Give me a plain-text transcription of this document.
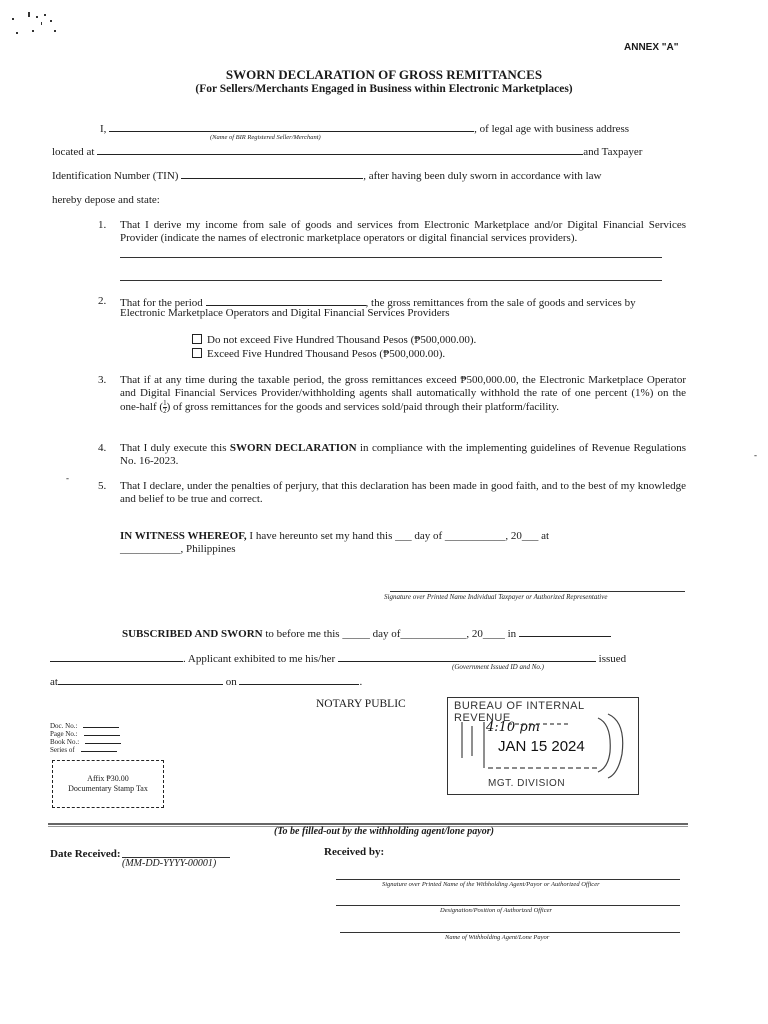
ANNEX "A"
SWORN DECLARATION OF GROSS REMITTANCES
(For Sellers/Merchants Engaged in Business within Electronic Marketplaces)
I,	, of legal age with business address
(Name of BIR Registered Seller/Merchant)
located at	and Taxpayer
Identification Number (TIN)	, after having been duly sworn in accordance with law
hereby depose and state:
1. That I derive my income from sale of goods and services from Electronic Marketplace and/or Digital Financial Services Provider (indicate the names of electronic marketplace operators or digital financial services providers).
2. That for the period	, the gross remittances from the sale of goods and services by
Electronic Marketplace Operators and Digital Financial Services Providers
Do not exceed Five Hundred Thousand Pesos (₱500,000.00).
Exceed Five Hundred Thousand Pesos (₱500,000.00).
3. That if at any time during the taxable period, the gross remittances exceed ₱500,000.00, the Electronic Marketplace Operator and Digital Financial Services Provider/withholding agents shall automatically withhold the rate of one percent (1%) on the one-half ( $\frac{1}{2}$ ) of gross remittances for the goods and services sold/paid through their platform/facility.
4. That I duly execute this SWORN DECLARATION in compliance with the implementing guidelines of Revenue Regulations No. 16-2023.
5. That I declare, under the penalties of perjury, that this declaration has been made in good faith, and to the best of my knowledge and belief to be true and correct.
-
-
IN WITNESS WHEREOF, I have hereunto set my hand this ___ day of ___________, 20___ at
___________, Philippines
Signature over Printed Name Individual Taxpayer or Authorized Representative
SUBSCRIBED AND SWORN to before me this _____ day of____________, 20____ in
. Applicant exhibited to me his/her	issued
(Government Issued ID and No.)
at	on	.
NOTARY PUBLIC
Doc. No.:
Page No.:
Book No.:
Series of
Affix ₱30.00
Documentary Stamp Tax
BUREAU OF INTERNAL REVENUE
4:10 pm
JAN 15 2024
MGT. DIVISION
(To be filled-out by the withholding agent/lone payor)
Date Received:
(MM-DD-YYYY-00001)
Received by:
Signature over Printed Name of the Withholding Agent/Payor or Authorized Officer
Designation/Position of Authorized Officer
Name of Withholding Agent/Lone Payor
